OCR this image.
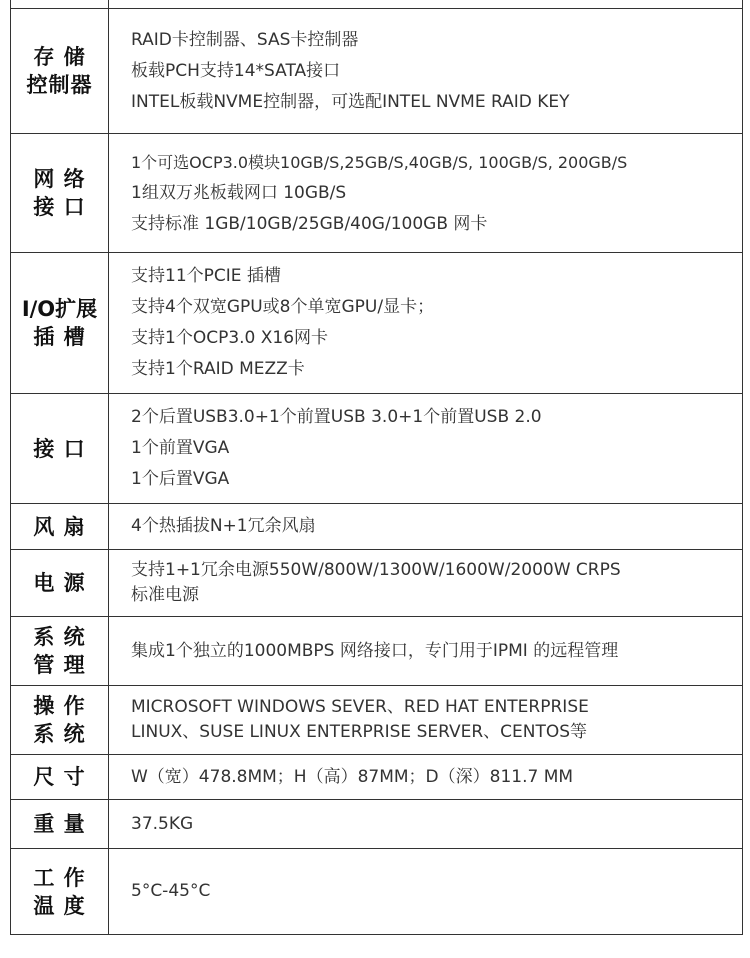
存 储
控制器	RAID卡控制器、SAS卡控制器
板载PCH支持14*SATA接口
INTEL板载NVME控制器，可选配INTEL NVME RAID KEY

网 络
接 口	1个可选OCP3.0模块10GB/S,25GB/S,40GB/S, 100GB/S, 200GB/S
1组双万兆板载网口 10GB/S
支持标准 1GB/10GB/25GB/40G/100GB 网卡

I/O扩展
插 槽	支持11个PCIE 插槽
支持4个双宽GPU或8个单宽GPU/显卡；
支持1个OCP3.0 X16网卡
支持1个RAID MEZZ卡

接 口	2个后置USB3.0+1个前置USB 3.0+1个前置USB 2.0
1个前置VGA
1个后置VGA

风 扇	4个热插拔N+1冗余风扇

电 源	支持1+1冗余电源550W/800W/1300W/1600W/2000W CRPS
标准电源

系 统
管 理	集成1个独立的1000MBPS 网络接口，专门用于IPMI 的远程管理

操 作
系 统	MICROSOFT WINDOWS SEVER、RED HAT ENTERPRISE
LINUX、SUSE LINUX ENTERPRISE SERVER、CENTOS等

尺 寸	W（宽）478.8MM；H（高）87MM；D（深）811.7 MM

重 量	37.5KG

工 作
温 度	5°C-45°C
